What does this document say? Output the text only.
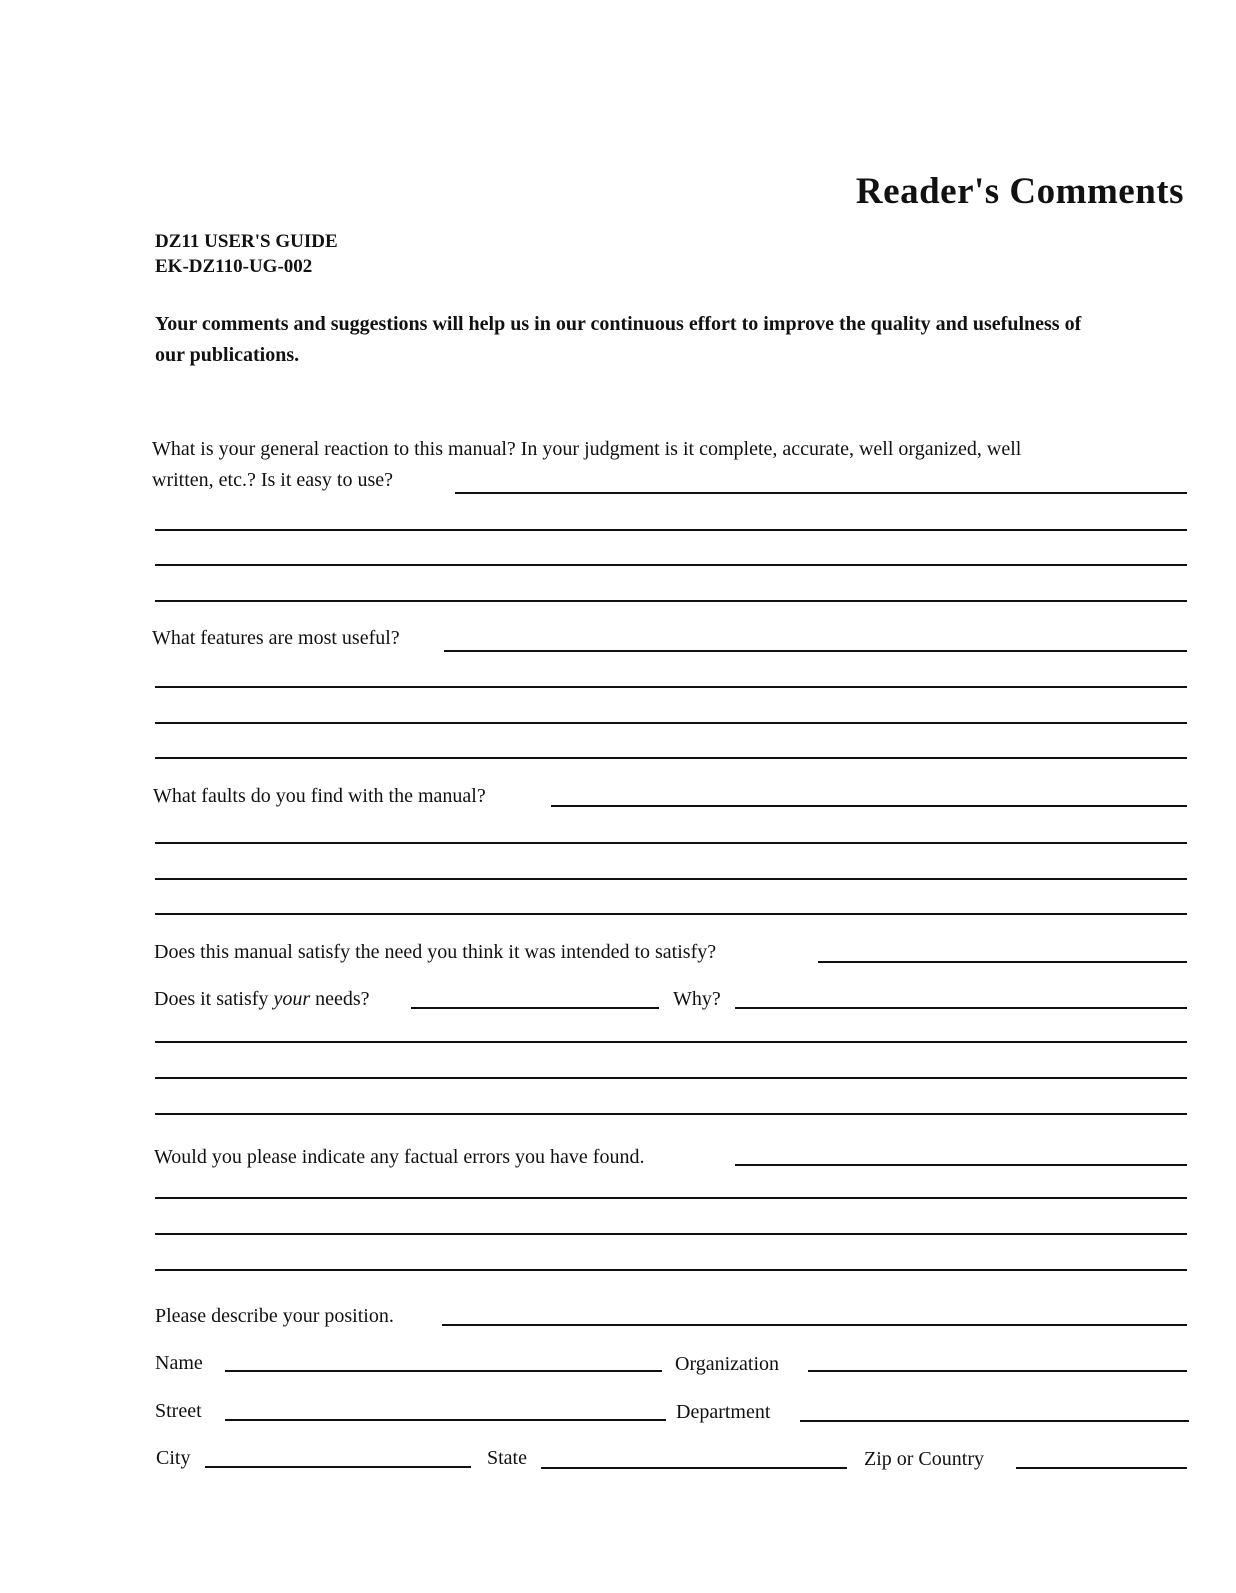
Reader's Comments
DZ11 USER'S GUIDE
EK-DZ110-UG-002
Your comments and suggestions will help us in our continuous effort to improve the quality and usefulness of
our publications.
What is your general reaction to this manual? In your judgment is it complete, accurate, well organized, well
written, etc.? Is it easy to use?
What features are most useful?
What faults do you find with the manual?
Does this manual satisfy the need you think it was intended to satisfy?
Does it satisfy your needs?	Why?
Would you please indicate any factual errors you have found.
Please describe your position.
Name	Organization
Street	Department
City	State	Zip or Country
